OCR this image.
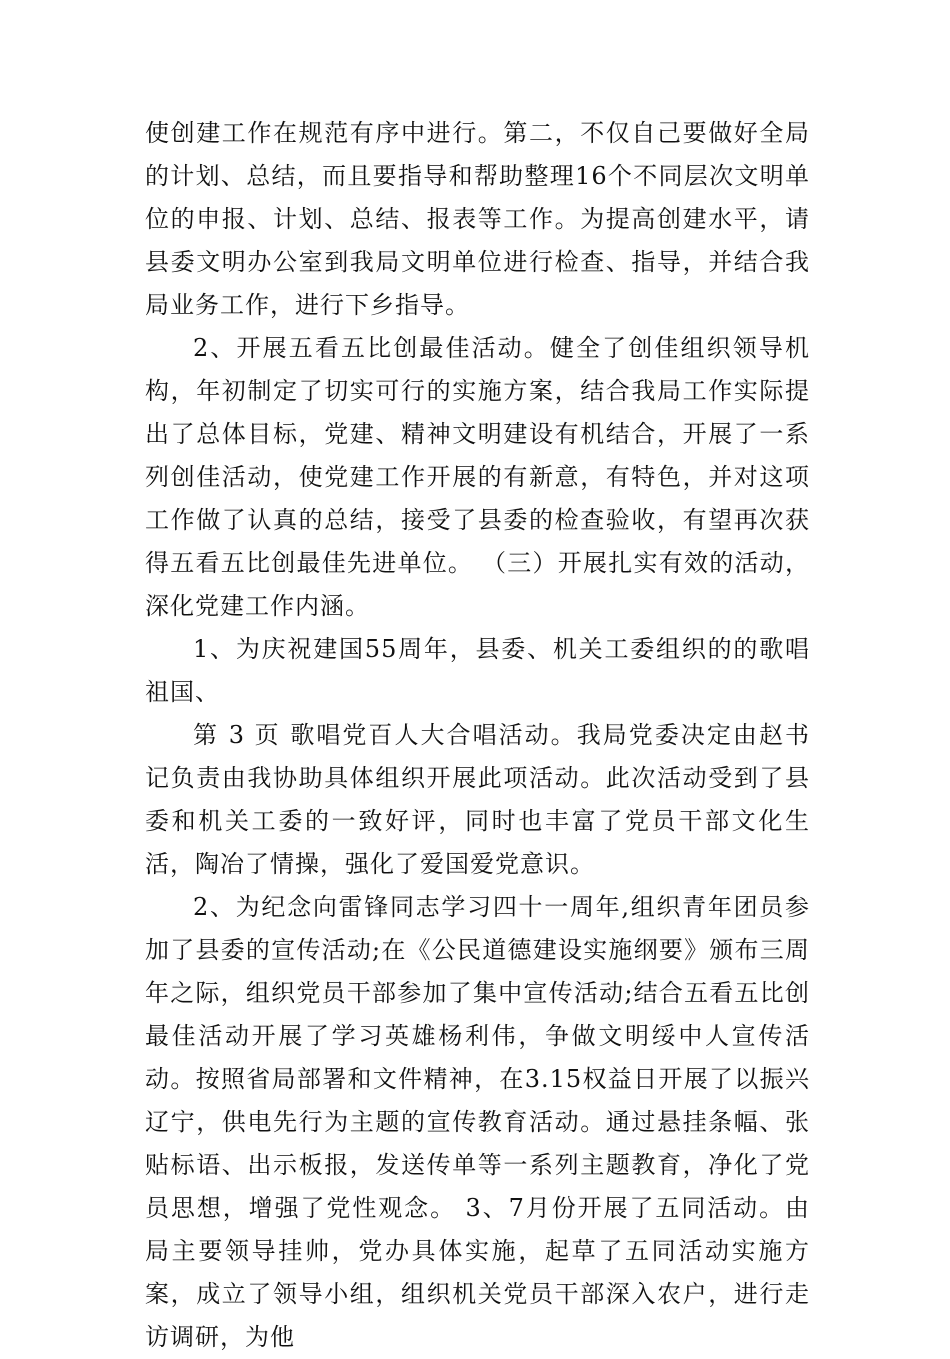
使创建工作在规范有序中进行。第二，不仅自己要做好全局的计划、总结，而且要指导和帮助整理16个不同层次文明单位的申报、计划、总结、报表等工作。为提高创建水平，请县委文明办公室到我局文明单位进行检查、指导，并结合我局业务工作，进行下乡指导。

2、开展五看五比创最佳活动。健全了创佳组织领导机构，年初制定了切实可行的实施方案，结合我局工作实际提出了总体目标，党建、精神文明建设有机结合，开展了一系列创佳活动，使党建工作开展的有新意，有特色，并对这项工作做了认真的总结，接受了县委的检查验收，有望再次获得五看五比创最佳先进单位。 （三）开展扎实有效的活动，深化党建工作内涵。

1、为庆祝建国55周年，县委、机关工委组织的的歌唱祖国、

第 3 页 歌唱党百人大合唱活动。我局党委决定由赵书记负责由我协助具体组织开展此项活动。此次活动受到了县委和机关工委的一致好评，同时也丰富了党员干部文化生活，陶冶了情操，强化了爱国爱党意识。

2、为纪念向雷锋同志学习四十一周年,组织青年团员参加了县委的宣传活动;在《公民道德建设实施纲要》颁布三周年之际，组织党员干部参加了集中宣传活动;结合五看五比创最佳活动开展了学习英雄杨利伟，争做文明绥中人宣传活动。按照省局部署和文件精神，在3.15权益日开展了以振兴辽宁，供电先行为主题的宣传教育活动。通过悬挂条幅、张贴标语、出示板报，发送传单等一系列主题教育，净化了党员思想，增强了党性观念。 3、7月份开展了五同活动。由局主要领导挂帅，党办具体实施，起草了五同活动实施方案，成立了领导小组，组织机关党员干部深入农户，进行走访调研，为他
